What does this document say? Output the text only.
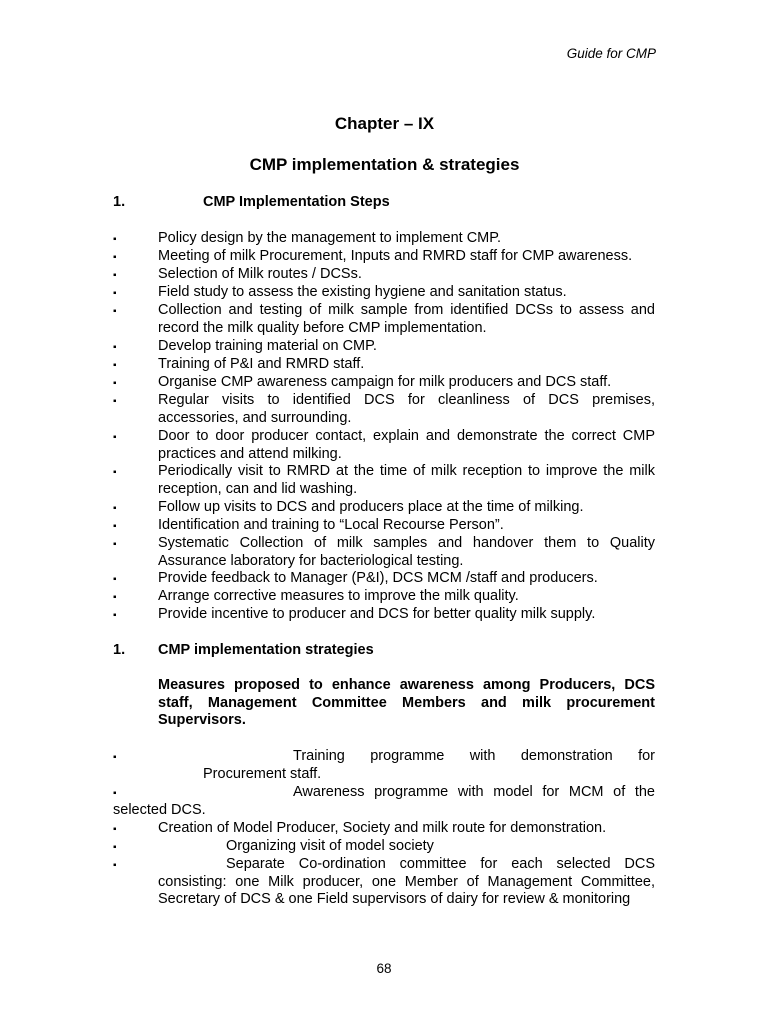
Guide for CMP
Chapter – IX
CMP implementation & strategies
1.	CMP Implementation Steps
▪	Policy design by the management to implement CMP.
▪	Meeting of milk Procurement, Inputs and RMRD staff for CMP awareness.
▪	Selection of Milk routes / DCSs.
▪	Field study to assess the existing hygiene and sanitation status.
▪	Collection and testing of milk sample from identified DCSs to assess and record the milk quality before CMP implementation.
▪	Develop training material on CMP.
▪	Training of P&I and RMRD staff.
▪	Organise CMP awareness campaign for milk producers and DCS staff.
▪	Regular visits to identified DCS for cleanliness of DCS premises, accessories, and surrounding.
▪	Door to door producer contact, explain and demonstrate the correct CMP practices and attend milking.
▪	Periodically visit to RMRD at the time of milk reception to improve the milk reception, can and lid washing.
▪	Follow up visits to DCS and producers place at the time of milking.
▪	Identification and training to “Local Recourse Person”.
▪	Systematic Collection of milk samples and handover them to Quality Assurance laboratory for bacteriological testing.
▪	Provide feedback to Manager (P&I), DCS MCM /staff and producers.
▪	Arrange corrective measures to improve the milk quality.
▪	Provide incentive to producer and DCS for better quality milk supply.
1. CMP implementation strategies
Measures proposed to enhance awareness among Producers, DCS staff, Management Committee Members and milk procurement Supervisors.
▪	Training programme with demonstration for
Procurement staff.
▪	Awareness programme with model for MCM of the
selected DCS.
▪	Creation of Model Producer, Society and milk route for demonstration.
▪	Organizing visit of model society
▪	Separate Co-ordination committee for each selected DCS consisting: one Milk producer, one Member of Management Committee, Secretary of DCS & one Field supervisors of dairy for review & monitoring
68
